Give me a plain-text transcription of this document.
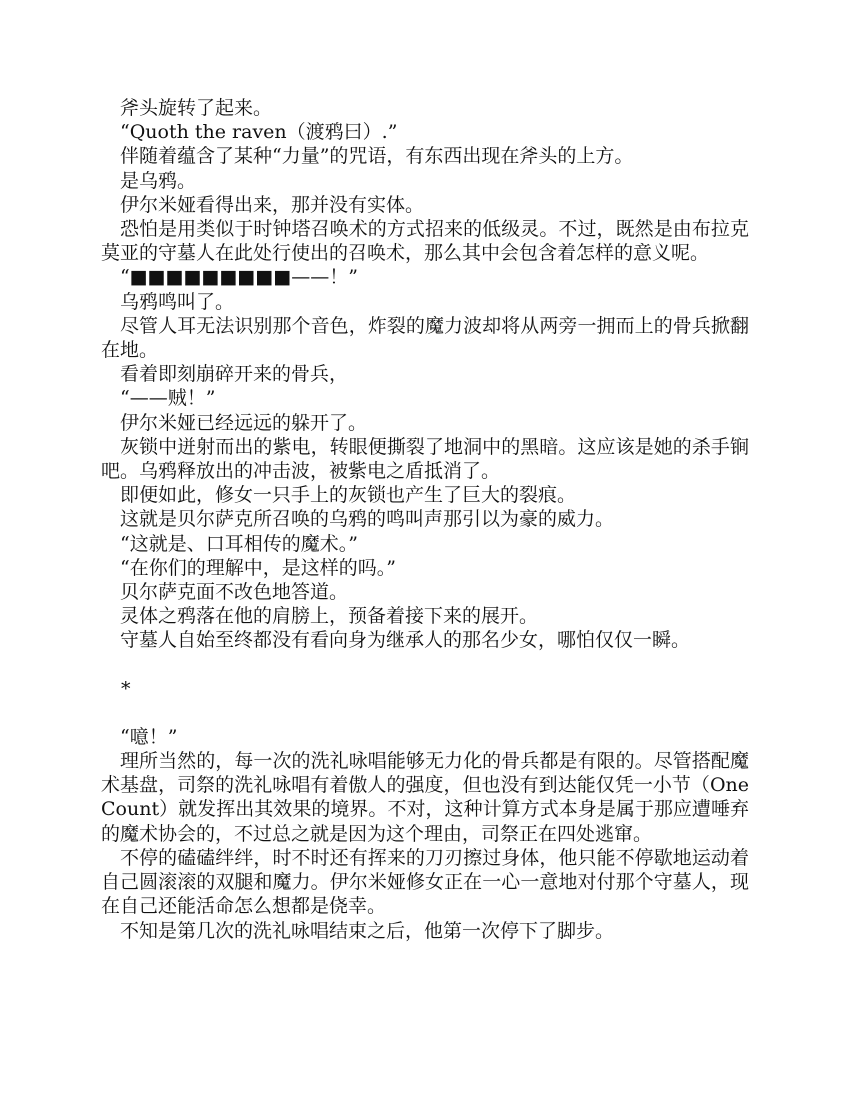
斧头旋转了起来。

“Quoth the raven（渡鸦曰）.”

伴随着蕴含了某种“力量”的咒语，有东西出现在斧头的上方。

是乌鸦。

伊尔米娅看得出来，那并没有实体。

恐怕是用类似于时钟塔召唤术的方式招来的低级灵。不过，既然是由布拉克莫亚的守墓人在此处行使出的召唤术，那么其中会包含着怎样的意义呢。

“■■■■■■■■■——！”

乌鸦鸣叫了。

尽管人耳无法识别那个音色，炸裂的魔力波却将从两旁一拥而上的骨兵掀翻在地。

看着即刻崩碎开来的骨兵，

“——贼！”

伊尔米娅已经远远的躲开了。

灰锁中迸射而出的紫电，转眼便撕裂了地洞中的黑暗。这应该是她的杀手锏吧。乌鸦释放出的冲击波，被紫电之盾抵消了。

即便如此，修女一只手上的灰锁也产生了巨大的裂痕。

这就是贝尔萨克所召唤的乌鸦的鸣叫声那引以为豪的威力。

“这就是、口耳相传的魔术。”

“在你们的理解中，是这样的吗。”

贝尔萨克面不改色地答道。

灵体之鸦落在他的肩膀上，预备着接下来的展开。

守墓人自始至终都没有看向身为继承人的那名少女，哪怕仅仅一瞬。

*

“噫！”

理所当然的，每一次的洗礼咏唱能够无力化的骨兵都是有限的。尽管搭配魔术基盘，司祭的洗礼咏唱有着傲人的强度，但也没有到达能仅凭一小节（One Count）就发挥出其效果的境界。不对，这种计算方式本身是属于那应遭唾弃的魔术协会的，不过总之就是因为这个理由，司祭正在四处逃窜。

不停的磕磕绊绊，时不时还有挥来的刀刃擦过身体，他只能不停歇地运动着自己圆滚滚的双腿和魔力。伊尔米娅修女正在一心一意地对付那个守墓人，现在自己还能活命怎么想都是侥幸。

不知是第几次的洗礼咏唱结束之后，他第一次停下了脚步。
